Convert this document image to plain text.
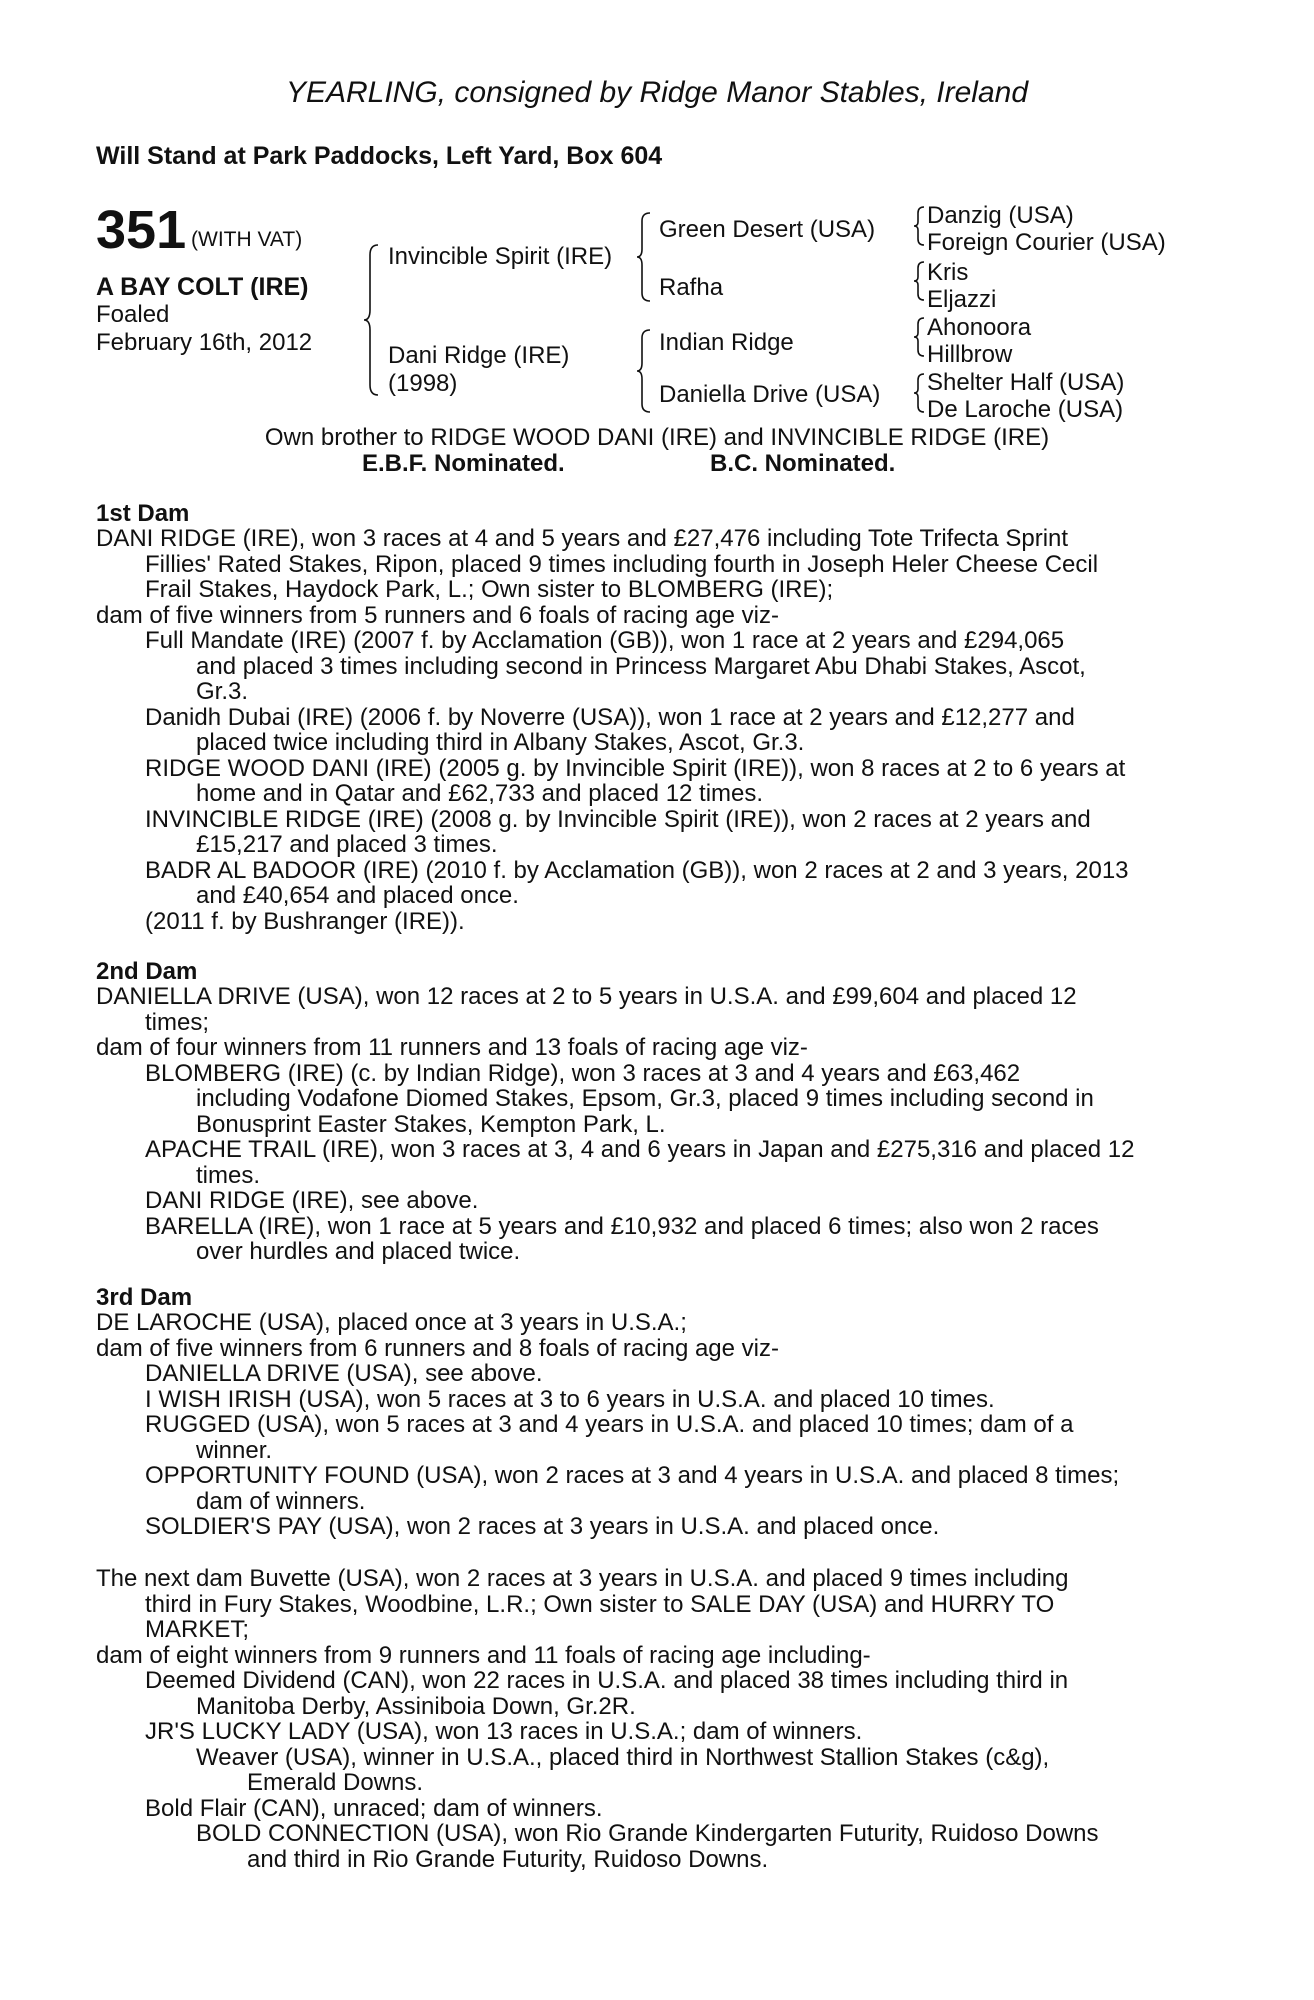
YEARLING, consigned by Ridge Manor Stables, Ireland
Will Stand at Park Paddocks, Left Yard, Box 604
351 (WITH VAT)
A BAY COLT (IRE)
Foaled
February 16th, 2012
Invincible Spirit (IRE)
Dani Ridge (IRE)
(1998)
Green Desert (USA)
Rafha
Indian Ridge
Daniella Drive (USA)
Danzig (USA)
Foreign Courier (USA)
Kris
Eljazzi
Ahonoora
Hillbrow
Shelter Half (USA)
De Laroche (USA)
Own brother to RIDGE WOOD DANI (IRE) and INVINCIBLE RIDGE (IRE)
E.B.F. Nominated.	B.C. Nominated.
1st Dam
DANI RIDGE (IRE), won 3 races at 4 and 5 years and £27,476 including Tote Trifecta Sprint
Fillies' Rated Stakes, Ripon, placed 9 times including fourth in Joseph Heler Cheese Cecil
Frail Stakes, Haydock Park, L.; Own sister to BLOMBERG (IRE);
dam of five winners from 5 runners and 6 foals of racing age viz-
Full Mandate (IRE) (2007 f. by Acclamation (GB)), won 1 race at 2 years and £294,065
and placed 3 times including second in Princess Margaret Abu Dhabi Stakes, Ascot,
Gr.3.
Danidh Dubai (IRE) (2006 f. by Noverre (USA)), won 1 race at 2 years and £12,277 and
placed twice including third in Albany Stakes, Ascot, Gr.3.
RIDGE WOOD DANI (IRE) (2005 g. by Invincible Spirit (IRE)), won 8 races at 2 to 6 years at
home and in Qatar and £62,733 and placed 12 times.
INVINCIBLE RIDGE (IRE) (2008 g. by Invincible Spirit (IRE)), won 2 races at 2 years and
£15,217 and placed 3 times.
BADR AL BADOOR (IRE) (2010 f. by Acclamation (GB)), won 2 races at 2 and 3 years, 2013
and £40,654 and placed once.
(2011 f. by Bushranger (IRE)).
2nd Dam
DANIELLA DRIVE (USA), won 12 races at 2 to 5 years in U.S.A. and £99,604 and placed 12
times;
dam of four winners from 11 runners and 13 foals of racing age viz-
BLOMBERG (IRE) (c. by Indian Ridge), won 3 races at 3 and 4 years and £63,462
including Vodafone Diomed Stakes, Epsom, Gr.3, placed 9 times including second in
Bonusprint Easter Stakes, Kempton Park, L.
APACHE TRAIL (IRE), won 3 races at 3, 4 and 6 years in Japan and £275,316 and placed 12
times.
DANI RIDGE (IRE), see above.
BARELLA (IRE), won 1 race at 5 years and £10,932 and placed 6 times; also won 2 races
over hurdles and placed twice.
3rd Dam
DE LAROCHE (USA), placed once at 3 years in U.S.A.;
dam of five winners from 6 runners and 8 foals of racing age viz-
DANIELLA DRIVE (USA), see above.
I WISH IRISH (USA), won 5 races at 3 to 6 years in U.S.A. and placed 10 times.
RUGGED (USA), won 5 races at 3 and 4 years in U.S.A. and placed 10 times; dam of a
winner.
OPPORTUNITY FOUND (USA), won 2 races at 3 and 4 years in U.S.A. and placed 8 times;
dam of winners.
SOLDIER'S PAY (USA), won 2 races at 3 years in U.S.A. and placed once.
The next dam Buvette (USA), won 2 races at 3 years in U.S.A. and placed 9 times including
third in Fury Stakes, Woodbine, L.R.; Own sister to SALE DAY (USA) and HURRY TO
MARKET;
dam of eight winners from 9 runners and 11 foals of racing age including-
Deemed Dividend (CAN), won 22 races in U.S.A. and placed 38 times including third in
Manitoba Derby, Assiniboia Down, Gr.2R.
JR'S LUCKY LADY (USA), won 13 races in U.S.A.; dam of winners.
Weaver (USA), winner in U.S.A., placed third in Northwest Stallion Stakes (c&g),
Emerald Downs.
Bold Flair (CAN), unraced; dam of winners.
BOLD CONNECTION (USA), won Rio Grande Kindergarten Futurity, Ruidoso Downs
and third in Rio Grande Futurity, Ruidoso Downs.
